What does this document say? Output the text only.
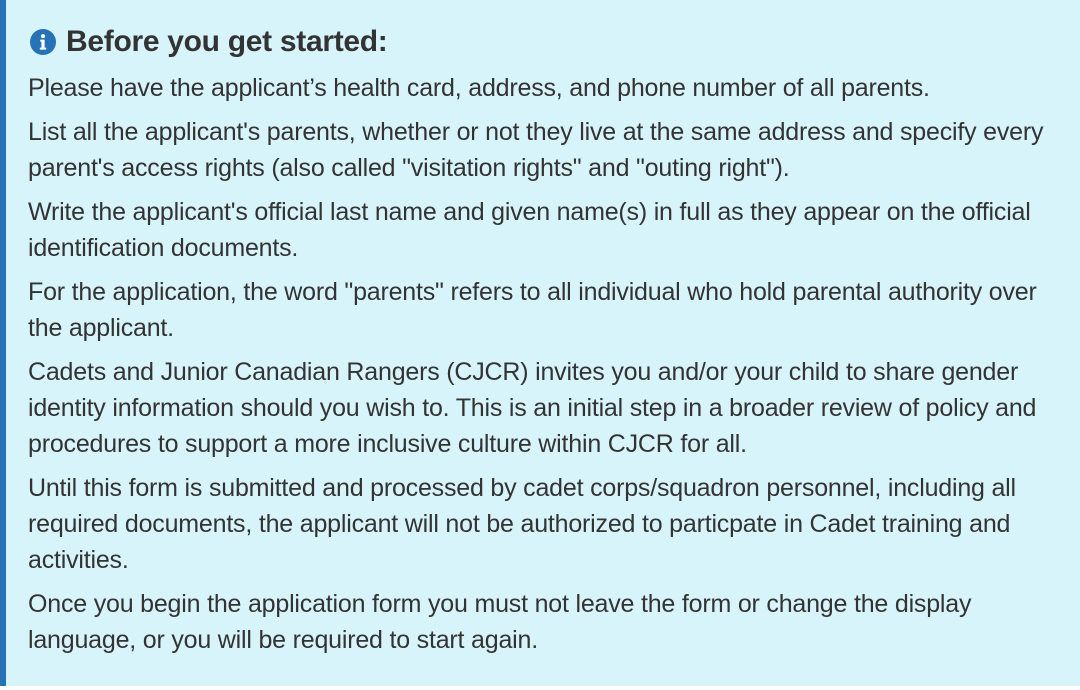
Before you get started:

Please have the applicant’s health card, address, and phone number of all parents.

List all the applicant's parents, whether or not they live at the same address and specify every parent's access rights (also called "visitation rights" and "outing right").

Write the applicant's official last name and given name(s) in full as they appear on the official identification documents.

For the application, the word "parents" refers to all individual who hold parental authority over the applicant.

Cadets and Junior Canadian Rangers (CJCR) invites you and/or your child to share gender identity information should you wish to. This is an initial step in a broader review of policy and procedures to support a more inclusive culture within CJCR for all.

Until this form is submitted and processed by cadet corps/squadron personnel, including all required documents, the applicant will not be authorized to particpate in Cadet training and activities.

Once you begin the application form you must not leave the form or change the display language, or you will be required to start again.
